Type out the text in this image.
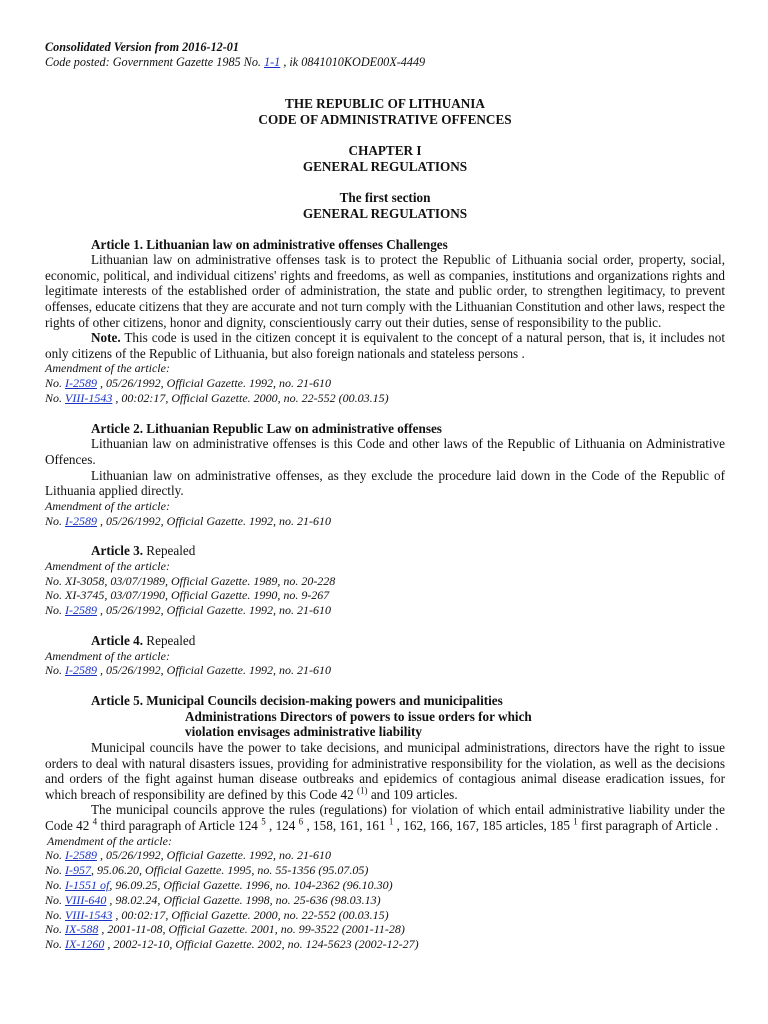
Consolidated Version from 2016-12-01

Code posted: Government Gazette 1985 No. 1-1 , ik 0841010KODE00X-4449

THE REPUBLIC OF LITHUANIA

CODE OF ADMINISTRATIVE OFFENCES

CHAPTER I

GENERAL REGULATIONS

The first section

GENERAL REGULATIONS

Article 1. Lithuanian law on administrative offenses Challenges

Lithuanian law on administrative offenses task is to protect the Republic of Lithuania social order, property, social, economic, political, and individual citizens' rights and freedoms, as well as companies, institutions and organizations rights and legitimate interests of the established order of administration, the state and public order, to strengthen legitimacy, to prevent offenses, educate citizens that they are accurate and not turn comply with the Lithuanian Constitution and other laws, respect the rights of other citizens, honor and dignity, conscientiously carry out their duties, sense of responsibility to the public.

Note. This code is used in the citizen concept it is equivalent to the concept of a natural person, that is, it includes not only citizens of the Republic of Lithuania, but also foreign nationals and stateless persons .

Amendment of the article:

No. I-2589 , 05/26/1992, Official Gazette. 1992, no. 21-610

No. VIII-1543 , 00:02:17, Official Gazette. 2000, no. 22-552 (00.03.15)

Article 2. Lithuanian Republic Law on administrative offenses

Lithuanian law on administrative offenses is this Code and other laws of the Republic of Lithuania on Administrative Offences.

Lithuanian law on administrative offenses, as they exclude the procedure laid down in the Code of the Republic of Lithuania applied directly.

Amendment of the article:

No. I-2589 , 05/26/1992, Official Gazette. 1992, no. 21-610

Article 3. Repealed

Amendment of the article:

No. XI-3058, 03/07/1989, Official Gazette. 1989, no. 20-228

No. XI-3745, 03/07/1990, Official Gazette. 1990, no. 9-267

No. I-2589 , 05/26/1992, Official Gazette. 1992, no. 21-610

Article 4. Repealed

Amendment of the article:

No. I-2589 , 05/26/1992, Official Gazette. 1992, no. 21-610

Article 5. Municipal Councils decision-making powers and municipalities

Administrations Directors of powers to issue orders for which

violation envisages administrative liability

Municipal councils have the power to take decisions, and municipal administrations, directors have the right to issue orders to deal with natural disasters issues, providing for administrative responsibility for the violation, as well as the decisions and orders of the fight against human disease outbreaks and epidemics of contagious animal disease eradication issues, for which breach of responsibility are defined by this Code 42 $^{(1)}$ and 109 articles.

The municipal councils approve the rules (regulations) for violation of which entail administrative liability under the Code 42 $^4$ third paragraph of Article 124 $^5$ , 124 $^6$ , 158, 161, 161 $^1$ , 162, 166, 167, 185 articles, 185 $^1$ first paragraph of Article .

Amendment of the article:

No. I-2589 , 05/26/1992, Official Gazette. 1992, no. 21-610

No. I-957, 95.06.20, Official Gazette. 1995, no. 55-1356 (95.07.05)

No. I-1551 of, 96.09.25, Official Gazette. 1996, no. 104-2362 (96.10.30)

No. VIII-640 , 98.02.24, Official Gazette. 1998, no. 25-636 (98.03.13)

No. VIII-1543 , 00:02:17, Official Gazette. 2000, no. 22-552 (00.03.15)

No. IX-588 , 2001-11-08, Official Gazette. 2001, no. 99-3522 (2001-11-28)

No. IX-1260 , 2002-12-10, Official Gazette. 2002, no. 124-5623 (2002-12-27)
